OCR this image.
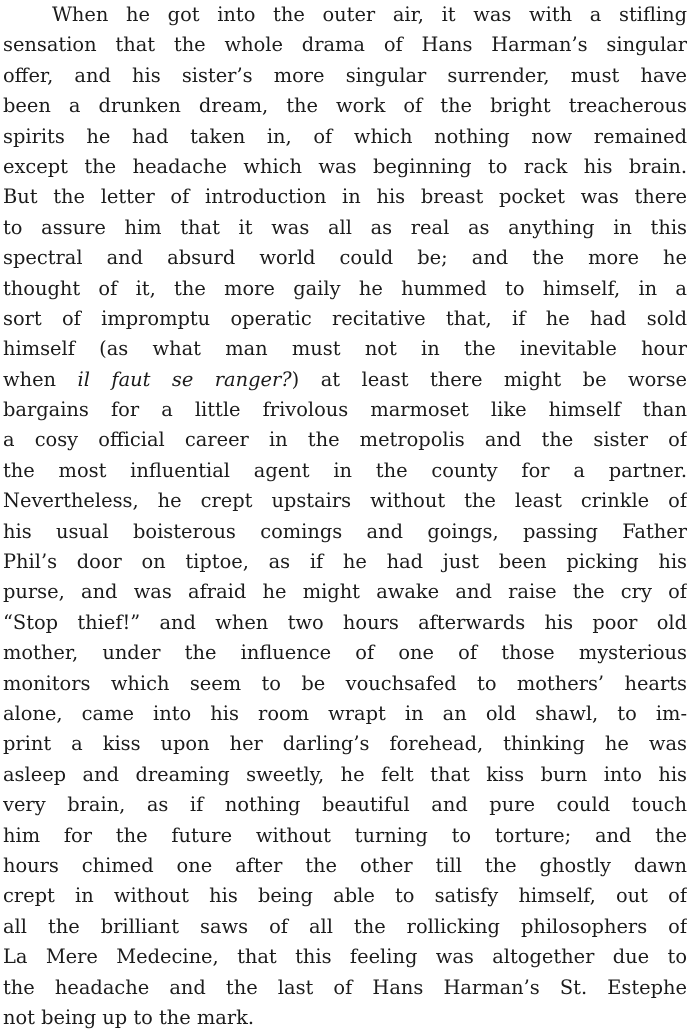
When he got into the outer air, it was with a stifling
sensation that the whole drama of Hans Harman’s singular
offer, and his sister’s more singular surrender, must have
been a drunken dream, the work of the bright treacherous
spirits he had taken in, of which nothing now remained
except the headache which was beginning to rack his brain.
But the letter of introduction in his breast pocket was there
to assure him that it was all as real as anything in this
spectral and absurd world could be; and the more he
thought of it, the more gaily he hummed to himself, in a
sort of impromptu operatic recitative that, if he had sold
himself (as what man must not in the inevitable hour
when il faut se ranger?) at least there might be worse
bargains for a little frivolous marmoset like himself than
a cosy official career in the metropolis and the sister of
the most influential agent in the county for a partner.
Nevertheless, he crept upstairs without the least crinkle of
his usual boisterous comings and goings, passing Father
Phil’s door on tiptoe, as if he had just been picking his
purse, and was afraid he might awake and raise the cry of
“Stop thief!” and when two hours afterwards his poor old
mother, under the influence of one of those mysterious
monitors which seem to be vouchsafed to mothers’ hearts
alone, came into his room wrapt in an old shawl, to im-
print a kiss upon her darling’s forehead, thinking he was
asleep and dreaming sweetly, he felt that kiss burn into his
very brain, as if nothing beautiful and pure could touch
him for the future without turning to torture; and the
hours chimed one after the other till the ghostly dawn
crept in without his being able to satisfy himself, out of
all the brilliant saws of all the rollicking philosophers of
La Mere Medecine, that this feeling was altogether due to
the headache and the last of Hans Harman’s St. Estephe
not being up to the mark.
